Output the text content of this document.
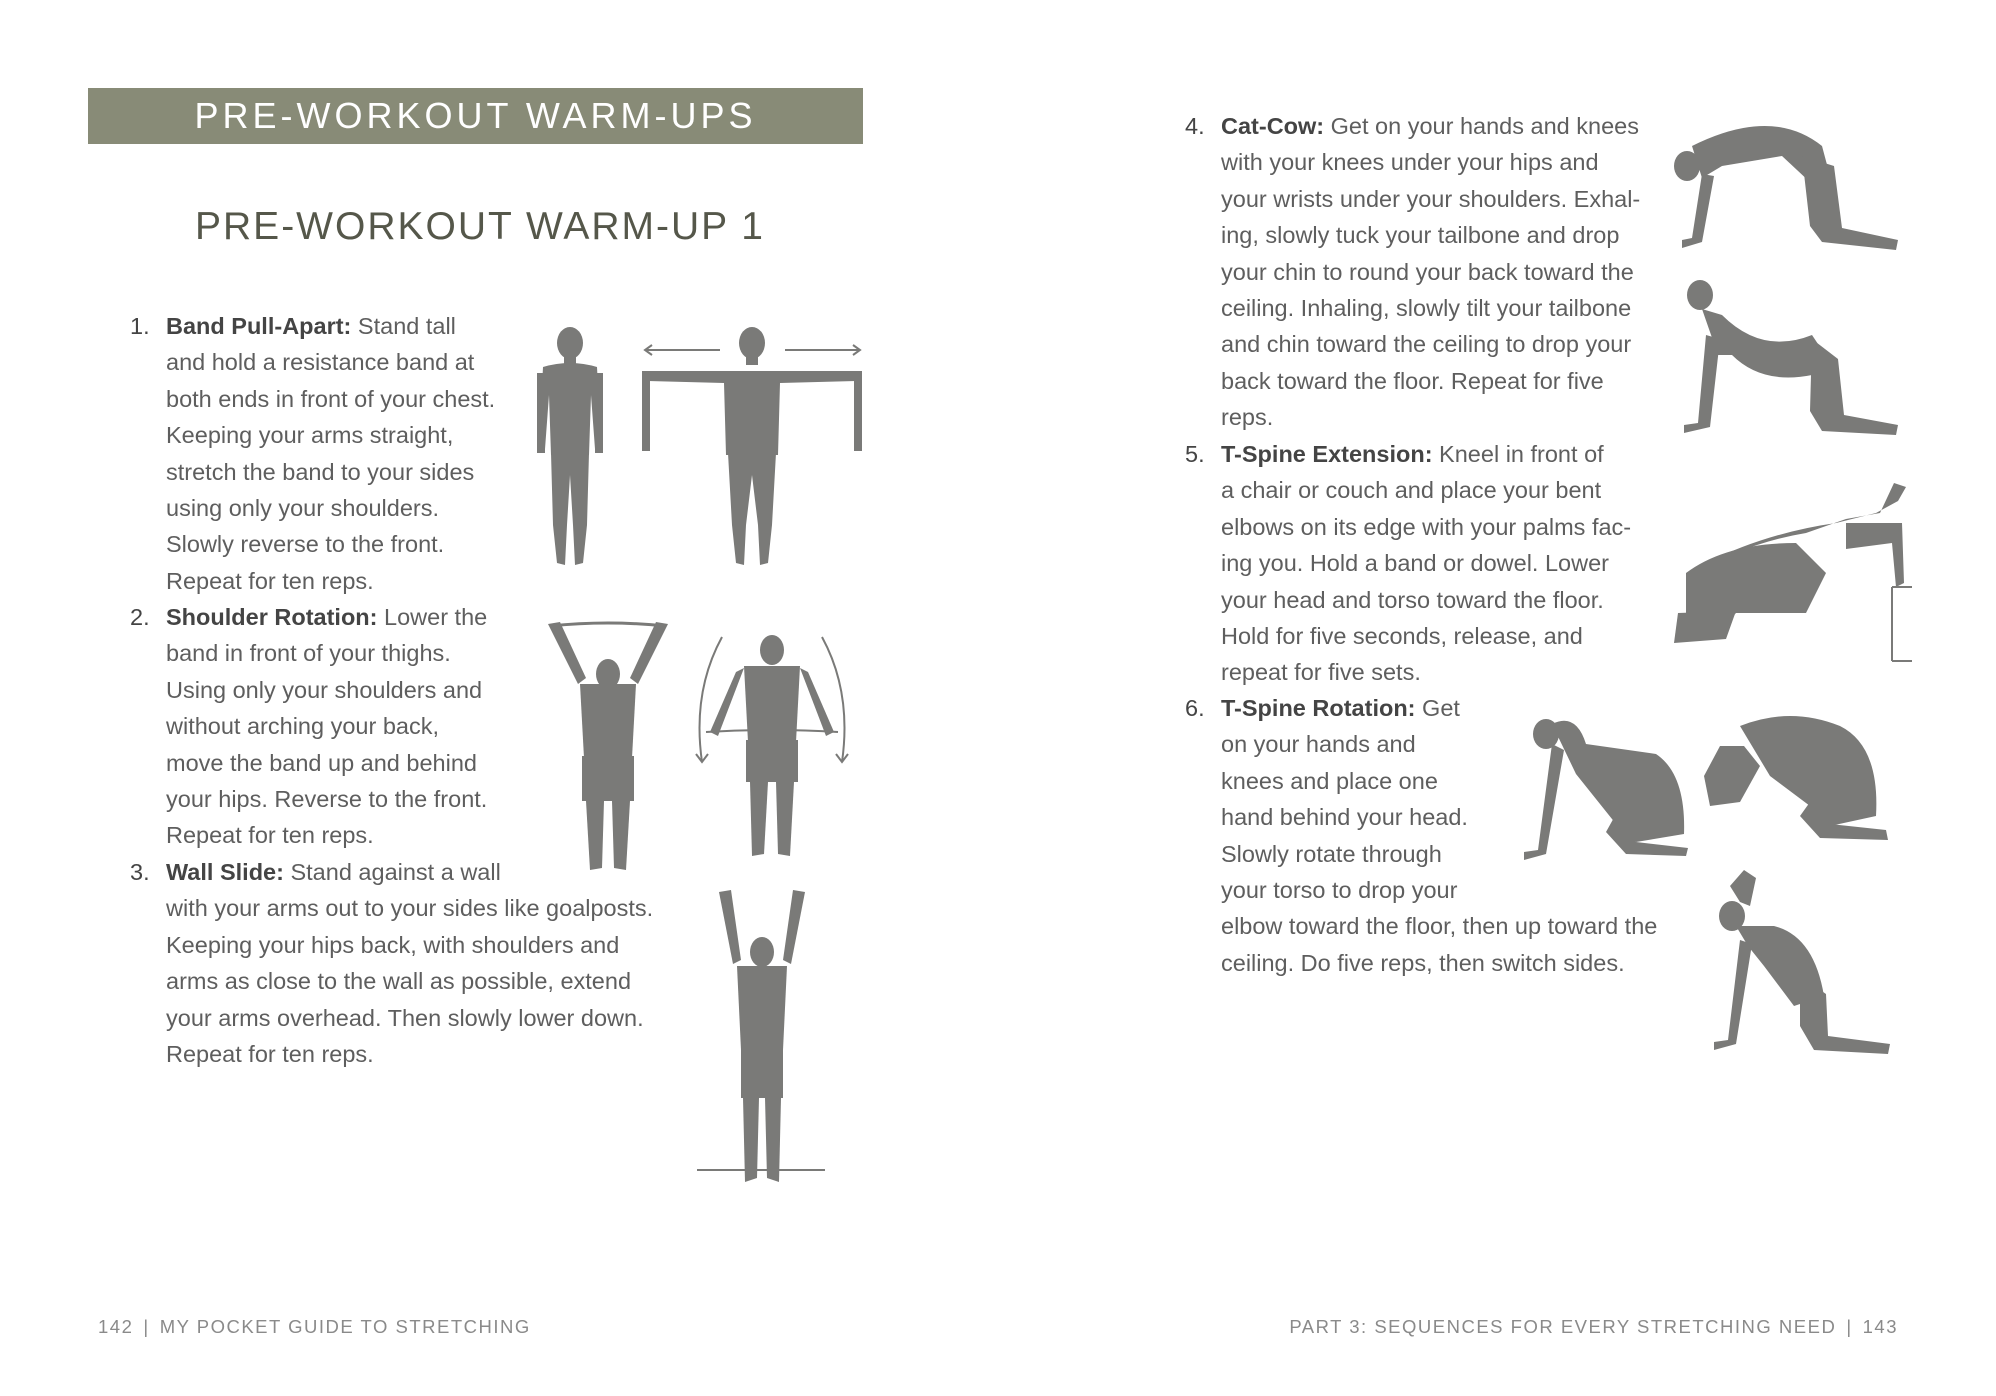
PRE-WORKOUT WARM-UPS
PRE-WORKOUT WARM-UP 1
1. Band Pull-Apart: Stand tall

and hold a resistance band at

both ends in front of your chest.

Keeping your arms straight,

stretch the band to your sides

using only your shoulders.

Slowly reverse to the front.

Repeat for ten reps.

2. Shoulder Rotation: Lower the

band in front of your thighs.

Using only your shoulders and

without arching your back,

move the band up and behind

your hips. Reverse to the front.

Repeat for ten reps.

3. Wall Slide: Stand against a wall

with your arms out to your sides like goalposts.

Keeping your hips back, with shoulders and

arms as close to the wall as possible, extend

your arms overhead. Then slowly lower down.

Repeat for ten reps.

142 | MY POCKET GUIDE TO STRETCHING
4. Cat-Cow: Get on your hands and knees

with your knees under your hips and

your wrists under your shoulders. Exhal-

ing, slowly tuck your tailbone and drop

your chin to round your back toward the

ceiling. Inhaling, slowly tilt your tailbone

and chin toward the ceiling to drop your

back toward the floor. Repeat for five

reps.

5. T-Spine Extension: Kneel in front of

a chair or couch and place your bent

elbows on its edge with your palms fac-

ing you. Hold a band or dowel. Lower

your head and torso toward the floor.

Hold for five seconds, release, and

repeat for five sets.

6. T-Spine Rotation: Get

on your hands and

knees and place one

hand behind your head.

Slowly rotate through

your torso to drop your

elbow toward the floor, then up toward the

ceiling. Do five reps, then switch sides.

PART 3: SEQUENCES FOR EVERY STRETCHING NEED | 143
